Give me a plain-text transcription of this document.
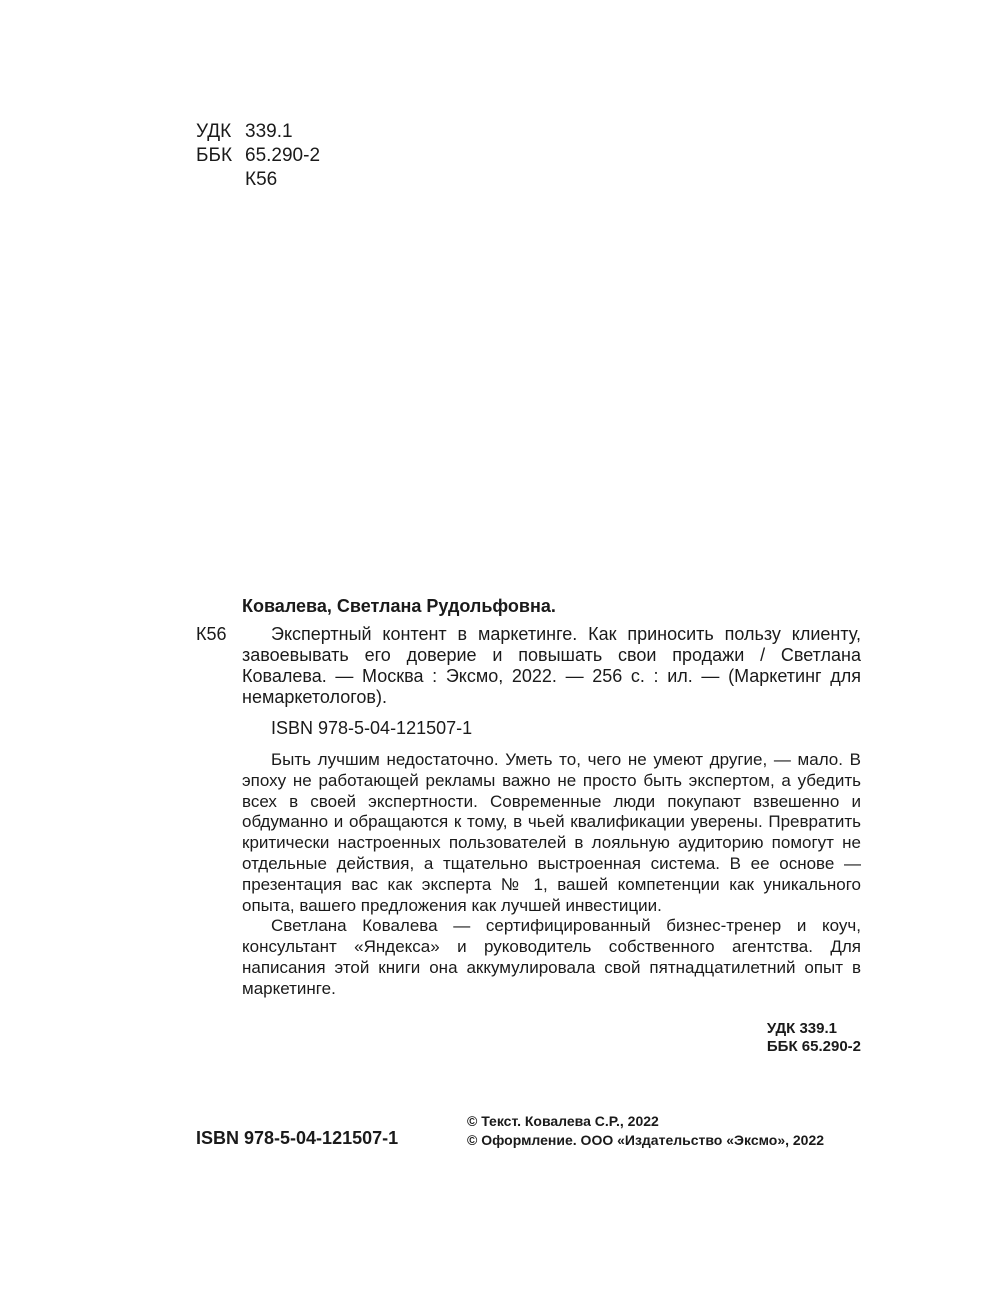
УДК 339.1
ББК 65.290-2
К56
Ковалева, Светлана Рудольфовна.
К56	Экспертный контент в маркетинге. Как приносить пользу клиенту, завоевывать его доверие и повышать свои продажи / Светлана Ковалева. — Москва : Эксмо, 2022. — 256 с. : ил. — (Маркетинг для немаркетологов).

ISBN 978-5-04-121507-1

Быть лучшим недостаточно. Уметь то, чего не умеют другие, — мало. В эпоху не работающей рекламы важно не просто быть экспертом, а убедить всех в своей экспертности. Современные люди покупают взвешенно и обдуманно и обращаются к тому, в чьей квалификации уверены. Превратить критически настроенных пользователей в лояльную аудиторию помогут не отдельные действия, а тщательно выстроенная система. В ее основе — презентация вас как эксперта № 1, вашей компетенции как уникального опыта, вашего предложения как лучшей инвестиции.

Светлана Ковалева — сертифицированный бизнес-тренер и коуч, консультант «Яндекса» и руководитель собственного агентства. Для написания этой книги она аккумулировала свой пятнадцатилетний опыт в маркетинге.

УДК 339.1
ББК 65.290-2
ISBN 978-5-04-121507-1
© Текст. Ковалева С.Р., 2022
© Оформление. ООО «Издательство «Эксмо», 2022
